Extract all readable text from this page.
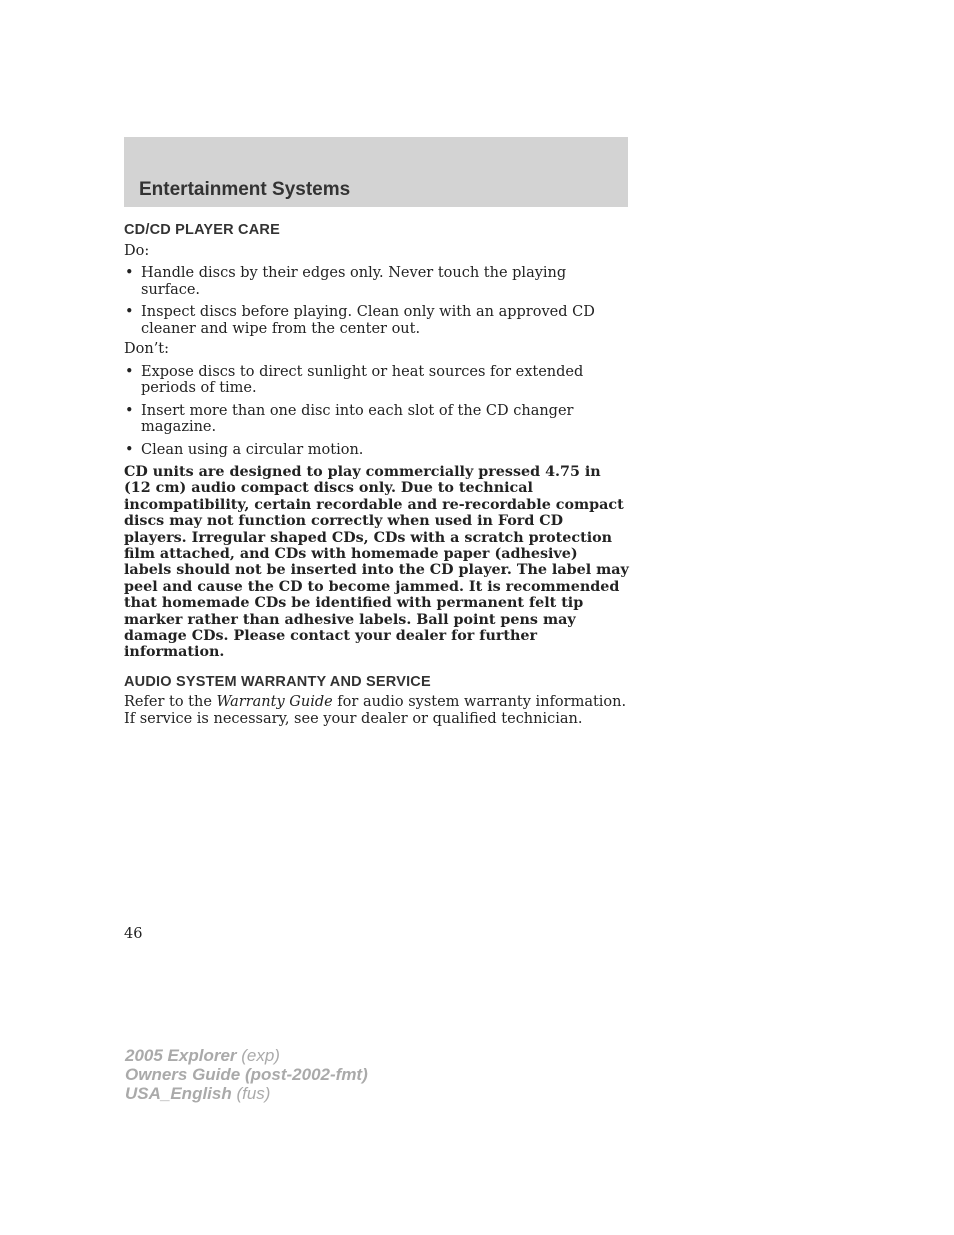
Entertainment Systems
CD/CD PLAYER CARE

Do:

• Handle discs by their edges only. Never touch the playing surface.
• Inspect discs before playing. Clean only with an approved CD cleaner and wipe from the center out.

Don’t:

• Expose discs to direct sunlight or heat sources for extended periods of time.
• Insert more than one disc into each slot of the CD changer magazine.
• Clean using a circular motion.

CD units are designed to play commercially pressed 4.75 in (12 cm) audio compact discs only. Due to technical incompatibility, certain recordable and re-recordable compact discs may not function correctly when used in Ford CD players. Irregular shaped CDs, CDs with a scratch protection film attached, and CDs with homemade paper (adhesive) labels should not be inserted into the CD player. The label may peel and cause the CD to become jammed. It is recommended that homemade CDs be identified with permanent felt tip marker rather than adhesive labels. Ball point pens may damage CDs. Please contact your dealer for further information.

AUDIO SYSTEM WARRANTY AND SERVICE

Refer to the Warranty Guide for audio system warranty information. If service is necessary, see your dealer or qualified technician.

46

2005 Explorer (exp)
Owners Guide (post-2002-fmt)
USA_English (fus)
